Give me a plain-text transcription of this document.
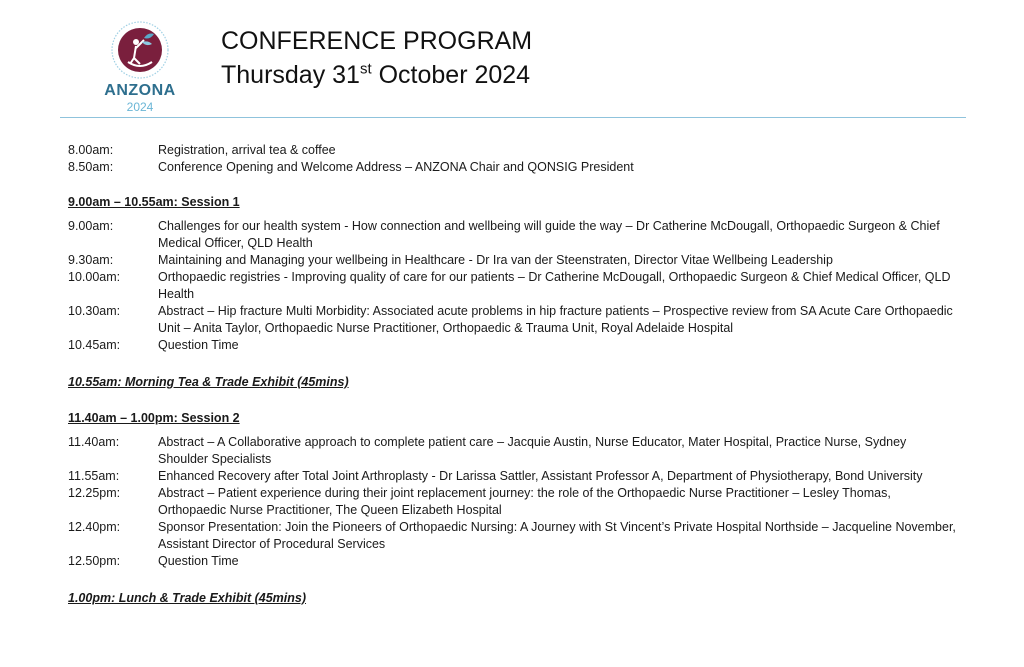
ANZONA
2024
CONFERENCE PROGRAM
Thursday 31st October 2024
8.00am:	Registration, arrival tea & coffee
8.50am:	Conference Opening and Welcome Address – ANZONA Chair and QONSIG President
9.00am – 10.55am: Session 1
9.00am:	Challenges for our health system - How connection and wellbeing will guide the way – Dr Catherine McDougall, Orthopaedic Surgeon & Chief Medical Officer, QLD Health
9.30am:	Maintaining and Managing your wellbeing in Healthcare - Dr Ira van der Steenstraten, Director Vitae Wellbeing Leadership
10.00am:	Orthopaedic registries - Improving quality of care for our patients – Dr Catherine McDougall, Orthopaedic Surgeon & Chief Medical Officer, QLD Health
10.30am:	Abstract – Hip fracture Multi Morbidity: Associated acute problems in hip fracture patients – Prospective review from SA Acute Care Orthopaedic Unit – Anita Taylor, Orthopaedic Nurse Practitioner, Orthopaedic & Trauma Unit, Royal Adelaide Hospital
10.45am:	Question Time
10.55am: Morning Tea & Trade Exhibit (45mins)
11.40am – 1.00pm: Session 2
11.40am:	Abstract – A Collaborative approach to complete patient care – Jacquie Austin, Nurse Educator, Mater Hospital, Practice Nurse, Sydney Shoulder Specialists
11.55am:	Enhanced Recovery after Total Joint Arthroplasty - Dr Larissa Sattler, Assistant Professor A, Department of Physiotherapy, Bond University
12.25pm:	Abstract – Patient experience during their joint replacement journey: the role of the Orthopaedic Nurse Practitioner – Lesley Thomas, Orthopaedic Nurse Practitioner, The Queen Elizabeth Hospital
12.40pm:	Sponsor Presentation: Join the Pioneers of Orthopaedic Nursing: A Journey with St Vincent’s Private Hospital Northside – Jacqueline November, Assistant Director of Procedural Services
12.50pm:	Question Time
1.00pm: Lunch & Trade Exhibit (45mins)
